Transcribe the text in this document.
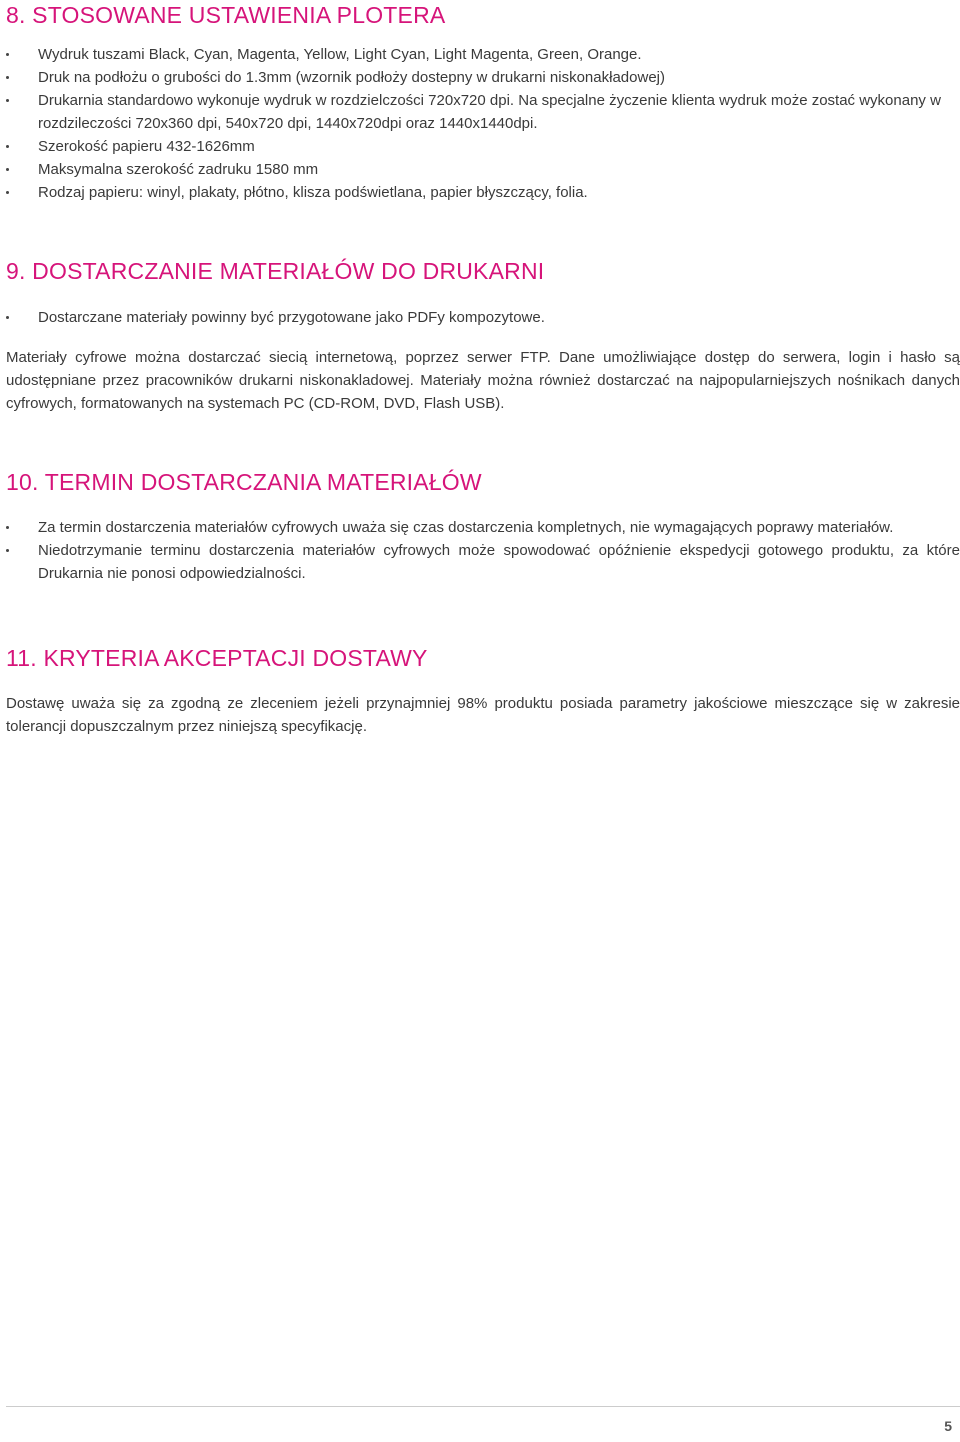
8. STOSOWANE USTAWIENIA PLOTERA
Wydruk tuszami Black, Cyan, Magenta, Yellow, Light Cyan, Light Magenta, Green, Orange.
Druk na podłożu o grubości do 1.3mm (wzornik podłoży dostepny w drukarni niskonakładowej)
Drukarnia standardowo wykonuje wydruk w rozdzielczości 720x720 dpi. Na specjalne życzenie klienta wydruk może zostać wykonany w rozdzileczości 720x360 dpi, 540x720 dpi, 1440x720dpi oraz 1440x1440dpi.
Szerokość papieru 432-1626mm
Maksymalna szerokość zadruku 1580 mm
Rodzaj papieru: winyl, plakaty, płótno, klisza podświetlana, papier błyszczący, folia.
9. DOSTARCZANIE MATERIAŁÓW DO DRUKARNI
Dostarczane materiały powinny być przygotowane jako PDFy kompozytowe.

Materiały cyfrowe można dostarczać siecią internetową, poprzez serwer FTP. Dane umożliwiające dostęp do serwera, login i hasło są udostępniane przez pracowników drukarni niskonakladowej. Materiały można również dostarczać na najpopularniejszych nośnikach danych cyfrowych, formatowanych na systemach PC (CD-ROM, DVD, Flash USB).

10. TERMIN DOSTARCZANIA MATERIAŁÓW
Za termin dostarczenia materiałów cyfrowych uważa się czas dostarczenia kompletnych, nie wymagających poprawy materiałów.
Niedotrzymanie terminu dostarczenia materiałów cyfrowych może spowodować opóźnienie ekspedycji gotowego produktu, za które Drukarnia nie ponosi odpowiedzialności.
11. KRYTERIA AKCEPTACJI DOSTAWY

Dostawę uważa się za zgodną ze zleceniem jeżeli przynajmniej 98% produktu posiada parametry jakościowe mieszczące się w zakresie tolerancji dopuszczalnym przez niniejszą specyfikację.

5
